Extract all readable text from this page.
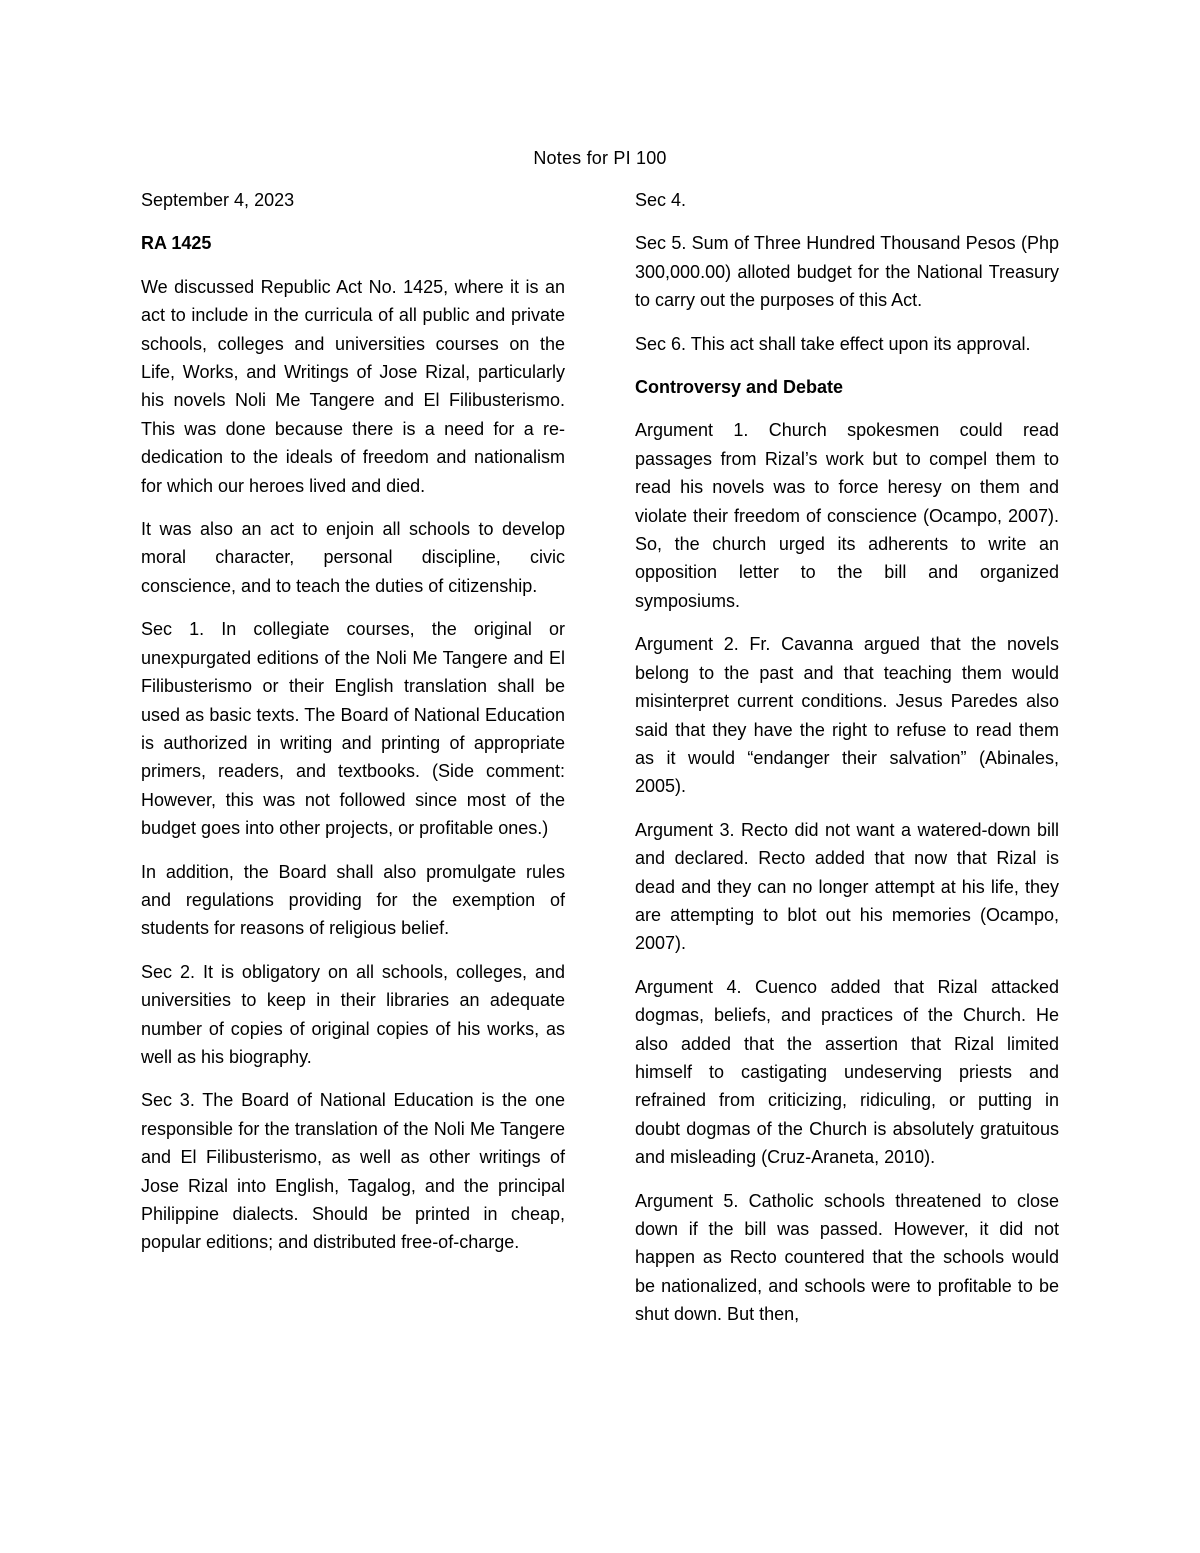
Notes for PI 100

September 4, 2023

RA 1425

We discussed Republic Act No. 1425, where it is an act to include in the curricula of all public and private schools, colleges and universities courses on the Life, Works, and Writings of Jose Rizal, particularly his novels Noli Me Tangere and El Filibusterismo. This was done because there is a need for a re-dedication to the ideals of freedom and nationalism for which our heroes lived and died.

It was also an act to enjoin all schools to develop moral character, personal discipline, civic conscience, and to teach the duties of citizenship.

Sec 1. In collegiate courses, the original or unexpurgated editions of the Noli Me Tangere and El Filibusterismo or their English translation shall be used as basic texts. The Board of National Education is authorized in writing and printing of appropriate primers, readers, and textbooks. (Side comment: However, this was not followed since most of the budget goes into other projects, or profitable ones.)

In addition, the Board shall also promulgate rules and regulations providing for the exemption of students for reasons of religious belief.

Sec 2. It is obligatory on all schools, colleges, and universities to keep in their libraries an adequate number of copies of original copies of his works, as well as his biography.

Sec 3. The Board of National Education is the one responsible for the translation of the Noli Me Tangere and El Filibusterismo, as well as other writings of Jose Rizal into English, Tagalog, and the principal Philippine dialects. Should be printed in cheap, popular editions; and distributed free-of-charge.

Sec 4.

Sec 5. Sum of Three Hundred Thousand Pesos (Php 300,000.00) alloted budget for the National Treasury to carry out the purposes of this Act.

Sec 6. This act shall take effect upon its approval.

Controversy and Debate

Argument 1. Church spokesmen could read passages from Rizal’s work but to compel them to read his novels was to force heresy on them and violate their freedom of conscience (Ocampo, 2007). So, the church urged its adherents to write an opposition letter to the bill and organized symposiums.

Argument 2. Fr. Cavanna argued that the novels belong to the past and that teaching them would misinterpret current conditions. Jesus Paredes also said that they have the right to refuse to read them as it would “endanger their salvation” (Abinales, 2005).

Argument 3. Recto did not want a watered-down bill and declared. Recto added that now that Rizal is dead and they can no longer attempt at his life, they are attempting to blot out his memories (Ocampo, 2007).

Argument 4. Cuenco added that Rizal attacked dogmas, beliefs, and practices of the Church. He also added that the assertion that Rizal limited himself to castigating undeserving priests and refrained from criticizing, ridiculing, or putting in doubt dogmas of the Church is absolutely gratuitous and misleading (Cruz-Araneta, 2010).

Argument 5. Catholic schools threatened to close down if the bill was passed. However, it did not happen as Recto countered that the schools would be nationalized, and schools were to profitable to be shut down. But then,
